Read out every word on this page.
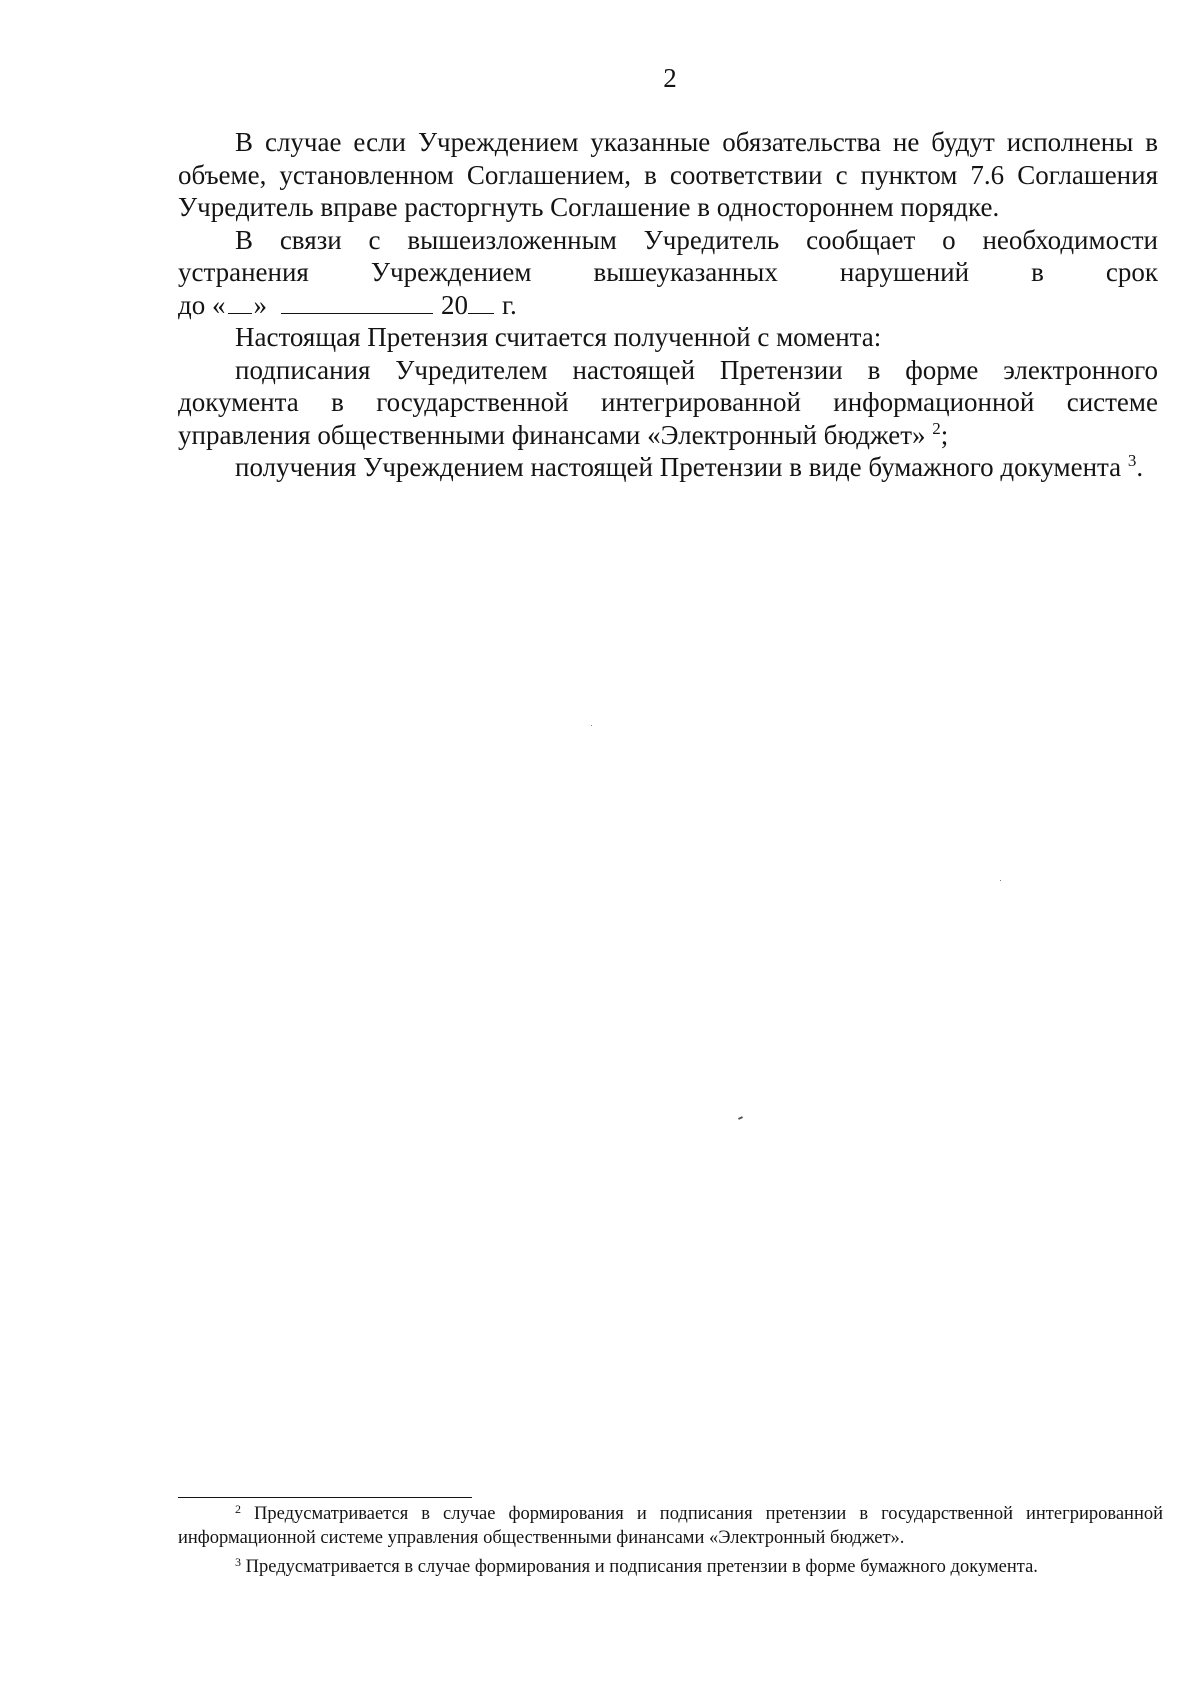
2

В случае если Учреждением указанные обязательства не будут исполнены в объеме, установленном Соглашением, в соответствии с пунктом 7.6 Соглашения Учредитель вправе расторгнуть Соглашение в одностороннем порядке.

В связи с вышеизложенным Учредитель сообщает о необходимости

устранения Учреждением вышеуказанных нарушений в срок

до « »	20 г.

Настоящая Претензия считается полученной с момента:

подписания Учредителем настоящей Претензии в форме электронного документа в государственной интегрированной информационной системе управления общественными финансами «Электронный бюджет» $^2$;

получения Учреждением настоящей Претензии в виде бумажного документа $^3$.

$^2$ Предусматривается в случае формирования и подписания претензии в государственной интегрированной информационной системе управления общественными финансами «Электронный бюджет».

$^3$ Предусматривается в случае формирования и подписания претензии в форме бумажного документа.
